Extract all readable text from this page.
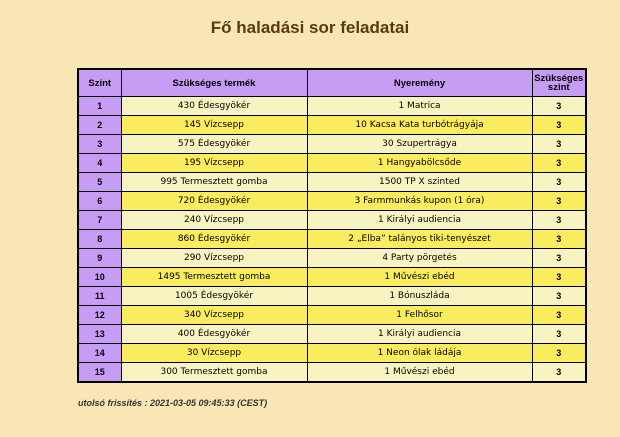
Fő haladási sor feladatai
Szint	Szükséges termék	Nyeremény	Szükséges szint
1	430 Édesgyökér	1 Matrica	3
2	145 Vízcsepp	10 Kacsa Kata turbótrágyája	3
3	575 Édesgyökér	30 Szupertrágya	3
4	195 Vízcsepp	1 Hangyabölcsőde	3
5	995 Termesztett gomba	1500 TP X szinted	3
6	720 Édesgyökér	3 Farmmunkás kupon (1 óra)	3
7	240 Vízcsepp	1 Királyi audiencia	3
8	860 Édesgyökér	2 „Elba” talányos tiki-tenyészet	3
9	290 Vízcsepp	4 Party pörgetés	3
10	1495 Termesztett gomba	1 Művészi ebéd	3
11	1005 Édesgyökér	1 Bónuszláda	3
12	340 Vízcsepp	1 Felhősor	3
13	400 Édesgyökér	1 Királyi audiencia	3
14	30 Vízcsepp	1 Neon ólak ládája	3
15	300 Termesztett gomba	1 Művészi ebéd	3
utolsó frissítés : 2021-03-05 09:45:33 (CEST)
